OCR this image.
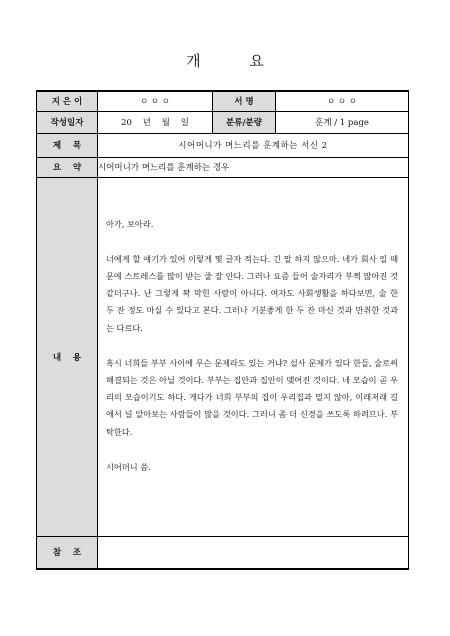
개 요
지 은 이	ㅇ ㅇ ㅇ	서 명	ㅇ ㅇ ㅇ
작성일자	20    년    월    일	분류/분량	훈계 / 1 page
제    목	시어머니가 며느리를 훈계하는 서신 2		
요    약	시어머니가 며느리를 훈계하는 경우		
내    용	아가, 보아라.

너에게 할 얘기가 있어 이렇게 몇 글자 적는다. 긴 말 하지 않으마. 네가 회사 일 때문에 스트레스를 많이 받는 줄 잘 안다. 그러나 요즘 들어 술자리가 부쩍 많아진 것 같더구나. 난 그렇게 꽉 막힌 사람이 아니다. 여자도 사회생활을 하다보면, 술 한 두 잔 정도 마실 수 있다고 본다. 그러나 기분좋게 한 두 잔 마신 것과 만취한 것과는 다르다.

혹시 너희들 부부 사이에 무슨 문제라도 있는 거냐? 설사 문제가 있다 한들, 술로써 해결되는 것은 아닐 것이다. 부부는 집안과 집안이 맺어진 것이다. 네 모습이 곧 우리의 모습이기도 하다. 게다가 너희 부부의 집이 우리집과 멀지 않아, 이래저래 길에서 널 알아보는 사람들이 많을 것이다. 그러니 좀 더 신경을 쓰도록 하려므나. 부탁한다.

시어머니 씀.		

참    조			
